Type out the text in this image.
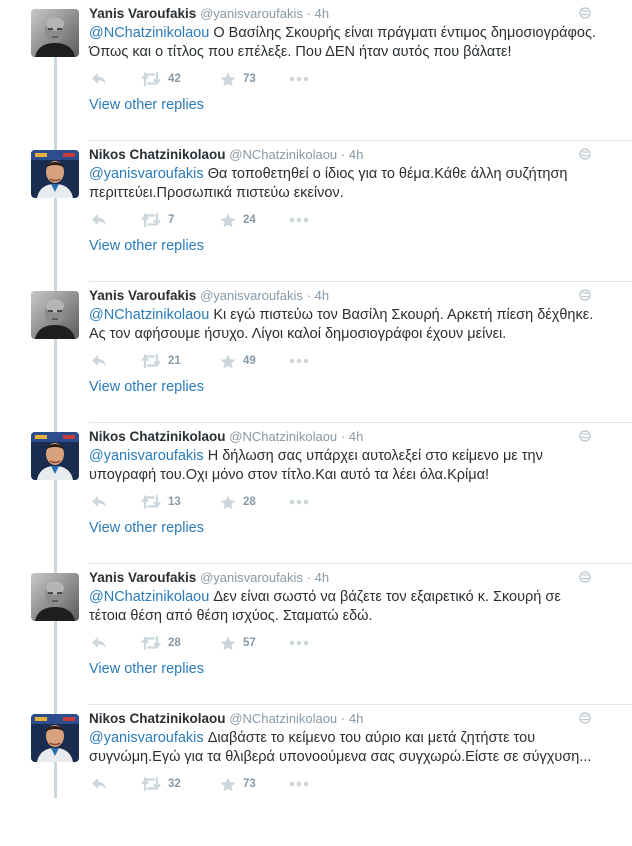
Yanis Varoufakis @yanisvaroufakis · 4h
@NChatzinikolaou Ο Βασίλης Σκουρής είναι πράγματι έντιμος δημοσιογράφος. Όπως και ο τίτλος που επέλεξε. Που ΔΕΝ ήταν αυτός που βάλατε!
42	73
View other replies
Nikos Chatzinikolaou @NChatzinikolaou · 4h
@yanisvaroufakis Θα τοποθετηθεί ο ίδιος για το θέμα.Κάθε άλλη συζήτηση περιττεύει.Προσωπικά πιστεύω εκείνον.
7	24
View other replies
Yanis Varoufakis @yanisvaroufakis · 4h
@NChatzinikolaou Κι εγώ πιστεύω τον Βασίλη Σκουρή. Αρκετή πίεση δέχθηκε. Ας τον αφήσουμε ήσυχο. Λίγοι καλοί δημοσιογράφοι έχουν μείνει.
21	49
View other replies
Nikos Chatzinikolaou @NChatzinikolaou · 4h
@yanisvaroufakis Η δήλωση σας υπάρχει αυτολεξεί στο κείμενο με την υπογραφή του.Οχι μόνο στον τίτλο.Και αυτό τα λέει όλα.Κρίμα!
13	28
View other replies
Yanis Varoufakis @yanisvaroufakis · 4h
@NChatzinikolaou Δεν είναι σωστό να βάζετε τον εξαιρετικό κ. Σκουρή σε τέτοια θέση από θέση ισχύος. Σταματώ εδώ.
28	57
View other replies
Nikos Chatzinikolaou @NChatzinikolaou · 4h
@yanisvaroufakis Διαβάστε το κείμενο του αύριο και μετά ζητήστε του συγνώμη.Εγώ για τα θλιβερά υπονοούμενα σας συγχωρώ.Είστε σε σύγχυση...
32	73
